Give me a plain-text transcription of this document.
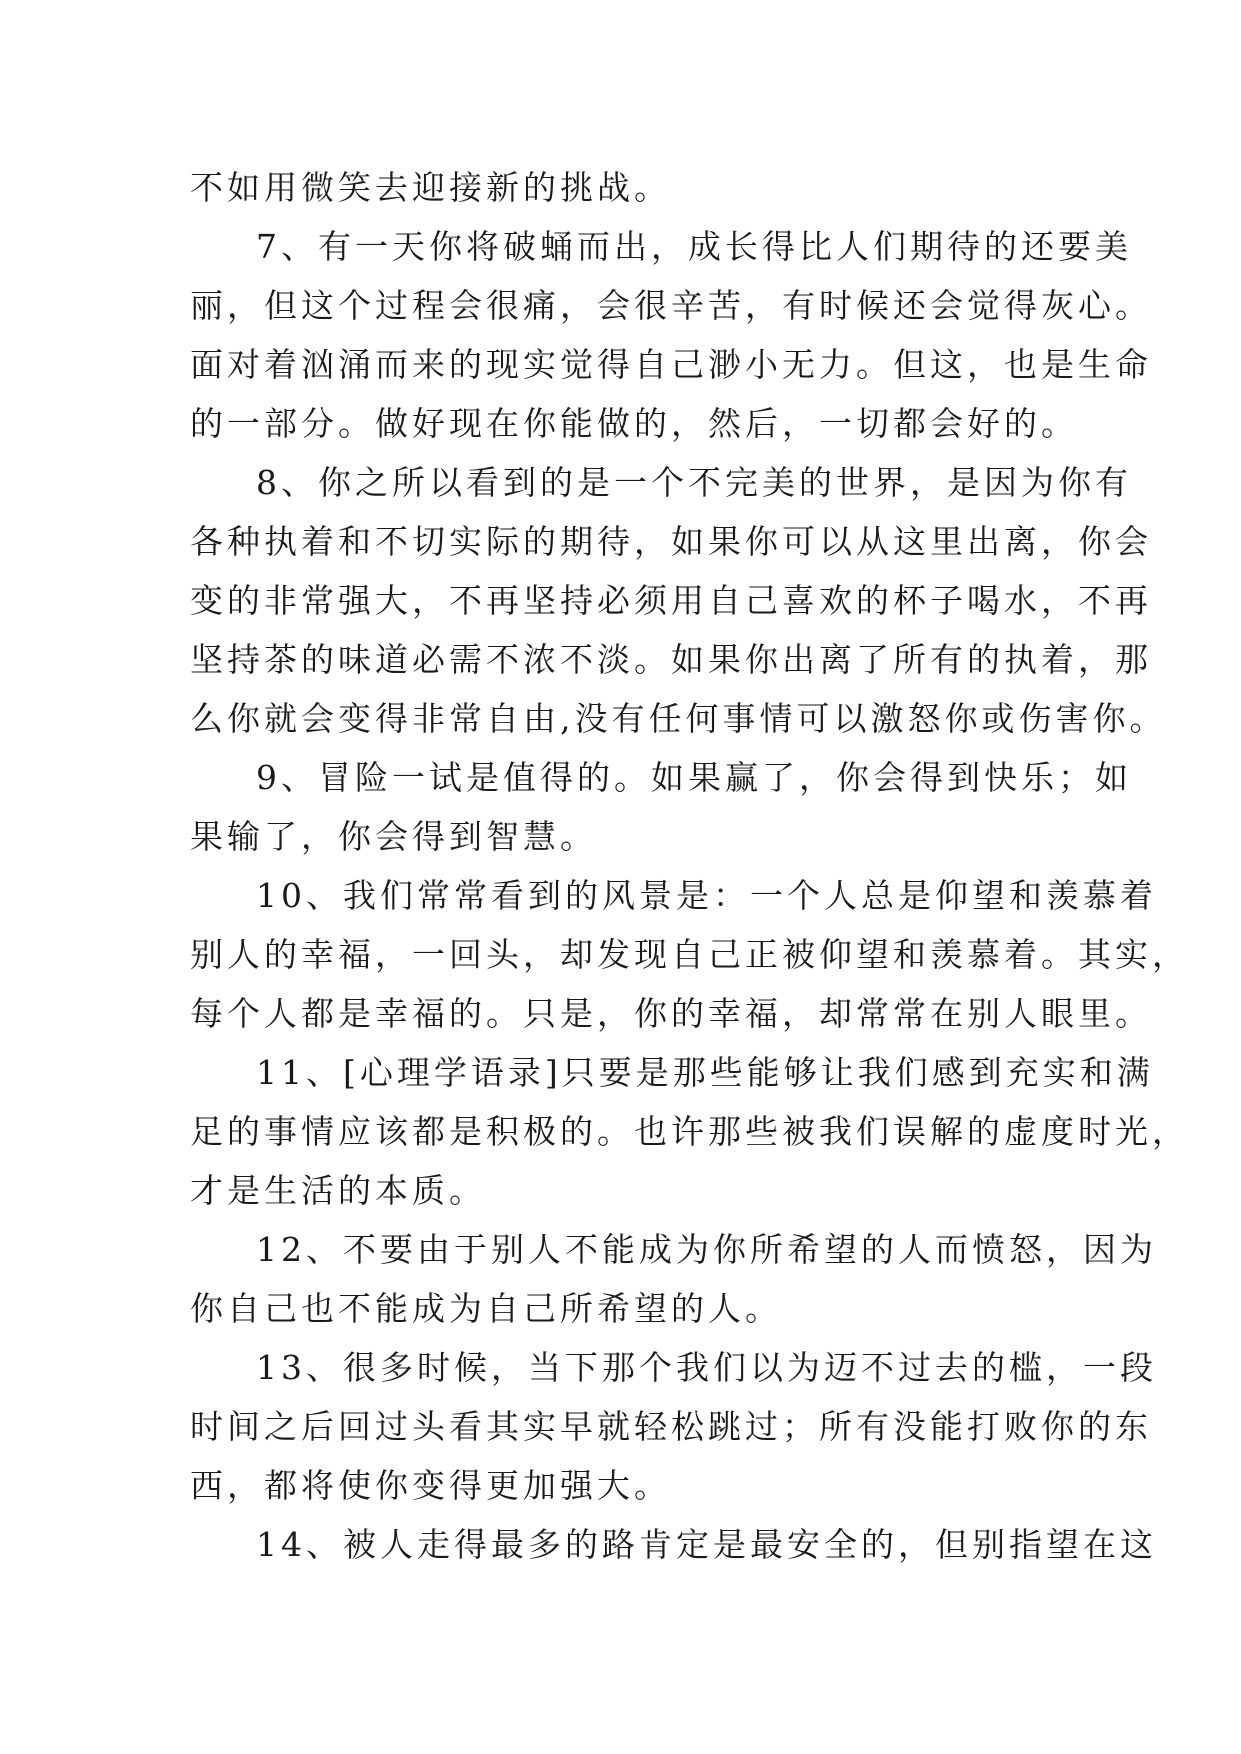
不如用微笑去迎接新的挑战。

7、有一天你将破蛹而出，成长得比人们期待的还要美
丽，但这个过程会很痛，会很辛苦，有时候还会觉得灰心。
面对着汹涌而来的现实觉得自己渺小无力。但这，也是生命
的一部分。做好现在你能做的，然后，一切都会好的。

8、你之所以看到的是一个不完美的世界，是因为你有
各种执着和不切实际的期待，如果你可以从这里出离，你会
变的非常强大，不再坚持必须用自己喜欢的杯子喝水，不再
坚持茶的味道必需不浓不淡。如果你出离了所有的执着，那
么你就会变得非常自由,没有任何事情可以激怒你或伤害你。

9、冒险一试是值得的。如果赢了，你会得到快乐；如
果输了，你会得到智慧。

10、我们常常看到的风景是：一个人总是仰望和羡慕着
别人的幸福，一回头，却发现自己正被仰望和羡慕着。其实，
每个人都是幸福的。只是，你的幸福，却常常在别人眼里。

11、[心理学语录]只要是那些能够让我们感到充实和满
足的事情应该都是积极的。也许那些被我们误解的虚度时光，
才是生活的本质。

12、不要由于别人不能成为你所希望的人而愤怒，因为
你自己也不能成为自己所希望的人。

13、很多时候，当下那个我们以为迈不过去的槛，一段
时间之后回过头看其实早就轻松跳过；所有没能打败你的东
西，都将使你变得更加强大。

14、被人走得最多的路肯定是最安全的，但别指望在这
